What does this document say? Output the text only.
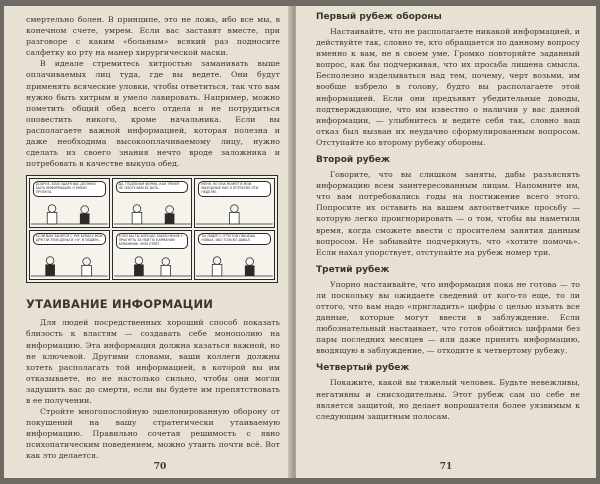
смертельно болен. В принципе, это не ложь, ибо все мы, в конечном счете, умрем. Если вас заставят вместе, при разговоре с каким «больным» всякий раз подносите салфетку ко рту на манер хирургической маски.

В идеале стремитесь хитростью заманивать выше оплачиваемых лиц туда, где вы ведете. Они будут применять всяческие уловки, чтобы ответиться, так что вам нужно быть хитрым и умело лавировать. Например, можно пометить общий обед всего отдела и не потрудиться оповестить никого, кроме начальника. Если вы располагаете важной информацией, которая полезна и даже необходима высокооплачиваемому лицу, нужно сделать из своего знания нечто вроде заложника и потребовать в качестве выкупа обед.

ДОБРОЕ, БЛАГОДАРЯ ВАС ДОЛЖНО БЫТЬ ИНФОРМАЦИЮ О МНОЮ ПРОЕКТА.
ДА, ПОДОБНАЯ ФОРМА, КАК ТРЕНЕР. НЕ СМОГУ ВАМ ЕЁ ДАТЬ.
МЕНЯ. НО ОНА МОЖЕТ В МОИ ВЫХОДНЫЕ КАК Я ПОТРАТИЛ ЭТИ НЕДЕЛЮ.
ЕСЛИ ВАМ ЗАНЯТСЯ С РУК БУМАГУ МОЙ ДРУГОЙ ЭТИХ ДЕНЬГИ. НУ, В ОБЩЕМ...
ЕСЛИ БЫ ТЫ ХОРОШО ЗАКЛЮЧЕНИЕ У ПРЫГНУТЬ ЗА НЕЙ ПО КАРМАНАМ БУМАЖНИК, МОЙ ОТВЕТ.
ТЫ ЛИДЕР С ОТЧЕТОМ ПИШЕШЬ НОВЫХ, ИБО ТОЛЬКО ДАВАЛ.
УТАИВАНИЕ ИНФОРМАЦИИ

Для людей посредственных хороший способ показать близость к властям — создавать себе монополию на информацию. Эта информация должна казаться важной, но не ключевой. Другими словами, ваши коллеги должны хотеть располагать той информацией, в которой вы им отказываете, но не настолько сильно, чтобы они могли задушить вас до смерти, если вы будете им препятствовать в ее получении.

Стройте многопослойную эшелонированную оборону от покушений на вашу стратегически утаиваемую информацию. Правильно сочетая решимость с явно психопатическим поведением, можно утаить почти всё. Вот как это делается.

70
Первый рубеж обороны

Настаивайте, что не располагаете никакой информацией, и действуйте так, словно те, кто обращается по данному вопросу именно к вам, не в своем уме. Громко повторяйте заданный вопрос, как бы подчеркивая, что их просьба лишена смысла. Бесполезно изделываться над тем, почему, черт возьми, им вообще взбрело в голову, будто вы располагаете этой информацией. Если они предъявят убедительные доводы, подтверждающие, что им известно о наличии у вас данной информации, — улыбнитесь и ведите себя так, словно ваш отказ был вызван их неудачно сформулированным вопросом. Отступайте ко второму рубежу обороны.

Второй рубеж

Говорите, что вы слишком заняты, дабы разъяснять информацию всем заинтересованным лицам. Напомните им, что вам потребовались годы на постижение всего этого. Попросите их оставить на вашем автоответчике просьбу — которую легко проигнорировать — о том, чтобы вы наметили время, когда сможете ввести с просителем занятия данным вопросом. Не забывайте подчеркнуть, что «хотите помочь». Если нахал упорствует, отступайте на рубеж номер три.

Третий рубеж

Упорно настаивайте, что информация пока не готова — то ли поскольку вы ожидаете сведений от кого-то еще, то ли оттого, что вам надо «пригладить» цифры с целью изъять все данные, которые могут ввести в заблуждение. Если любознательный настаивает, что готов обойтись цифрами без пары последних месяцев — или даже принять информацию, вводящую в заблуждение, — отходите к четвертому рубежу.

Четвертый рубеж

Покажите, какой вы тяжелый человек. Будьте невежливы, негативны и снисходительны. Этот рубеж сам по себе не является защитой, но делает вопрошателя более уязвимым к следующим защитным полосам.

71
